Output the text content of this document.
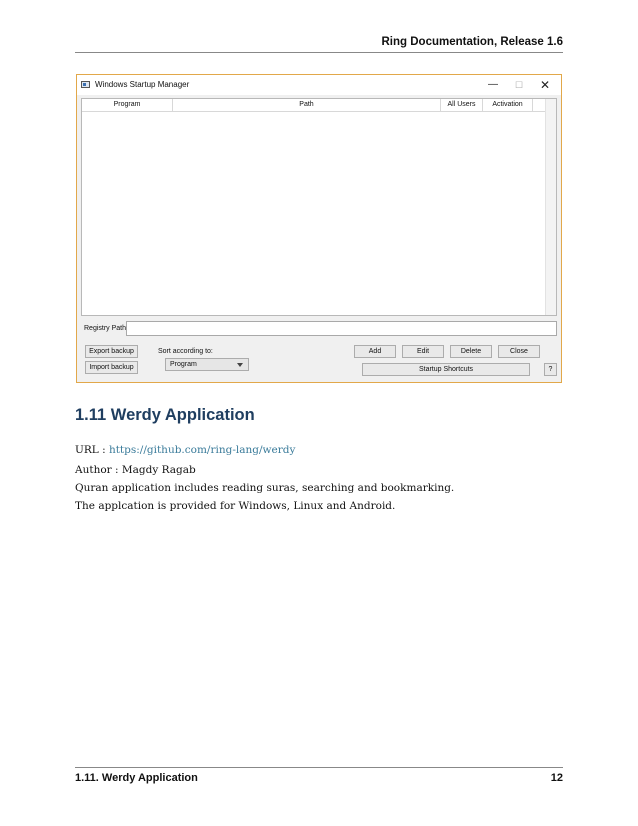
Ring Documentation, Release 1.6
Windows Startup Manager	—	☐	✕
Program	Path	All Users	Activation
Registry Path
Export backup
Import backup
Sort according to:
Program
Add	Edit	Delete	Close
Startup Shortcuts	?
1.11 Werdy Application
URL : https://github.com/ring-lang/werdy
Author : Magdy Ragab
Quran application includes reading suras, searching and bookmarking.
The applcation is provided for Windows, Linux and Android.
1.11. Werdy Application	12
